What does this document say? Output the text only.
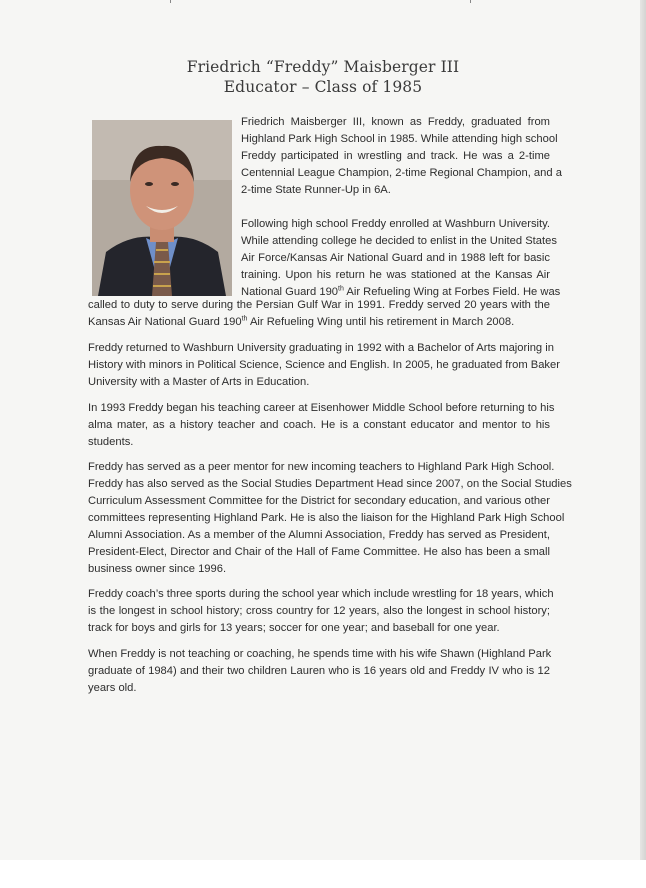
Friedrich “Freddy” Maisberger III
Educator – Class of 1985
Friedrich Maisberger III, known as Freddy, graduated from
Highland Park High School in 1985. While attending high school
Freddy participated in wrestling and track. He was a 2-time
Centennial League Champion, 2-time Regional Champion, and a
2-time State Runner-Up in 6A.
Following high school Freddy enrolled at Washburn University.
While attending college he decided to enlist in the United States
Air Force/Kansas Air National Guard and in 1988 left for basic
training. Upon his return he was stationed at the Kansas Air
National Guard 190th Air Refueling Wing at Forbes Field. He was
called to duty to serve during the Persian Gulf War in 1991. Freddy served 20 years with the
Kansas Air National Guard 190th Air Refueling Wing until his retirement in March 2008.
Freddy returned to Washburn University graduating in 1992 with a Bachelor of Arts majoring in
History with minors in Political Science, Science and English. In 2005, he graduated from Baker
University with a Master of Arts in Education.
In 1993 Freddy began his teaching career at Eisenhower Middle School before returning to his
alma mater, as a history teacher and coach. He is a constant educator and mentor to his
students.
Freddy has served as a peer mentor for new incoming teachers to Highland Park High School.
Freddy has also served as the Social Studies Department Head since 2007, on the Social Studies
Curriculum Assessment Committee for the District for secondary education, and various other
committees representing Highland Park. He is also the liaison for the Highland Park High School
Alumni Association. As a member of the Alumni Association, Freddy has served as President,
President-Elect, Director and Chair of the Hall of Fame Committee. He also has been a small
business owner since 1996.
Freddy coach’s three sports during the school year which include wrestling for 18 years, which
is the longest in school history; cross country for 12 years, also the longest in school history;
track for boys and girls for 13 years; soccer for one year; and baseball for one year.
When Freddy is not teaching or coaching, he spends time with his wife Shawn (Highland Park
graduate of 1984) and their two children Lauren who is 16 years old and Freddy IV who is 12
years old.
